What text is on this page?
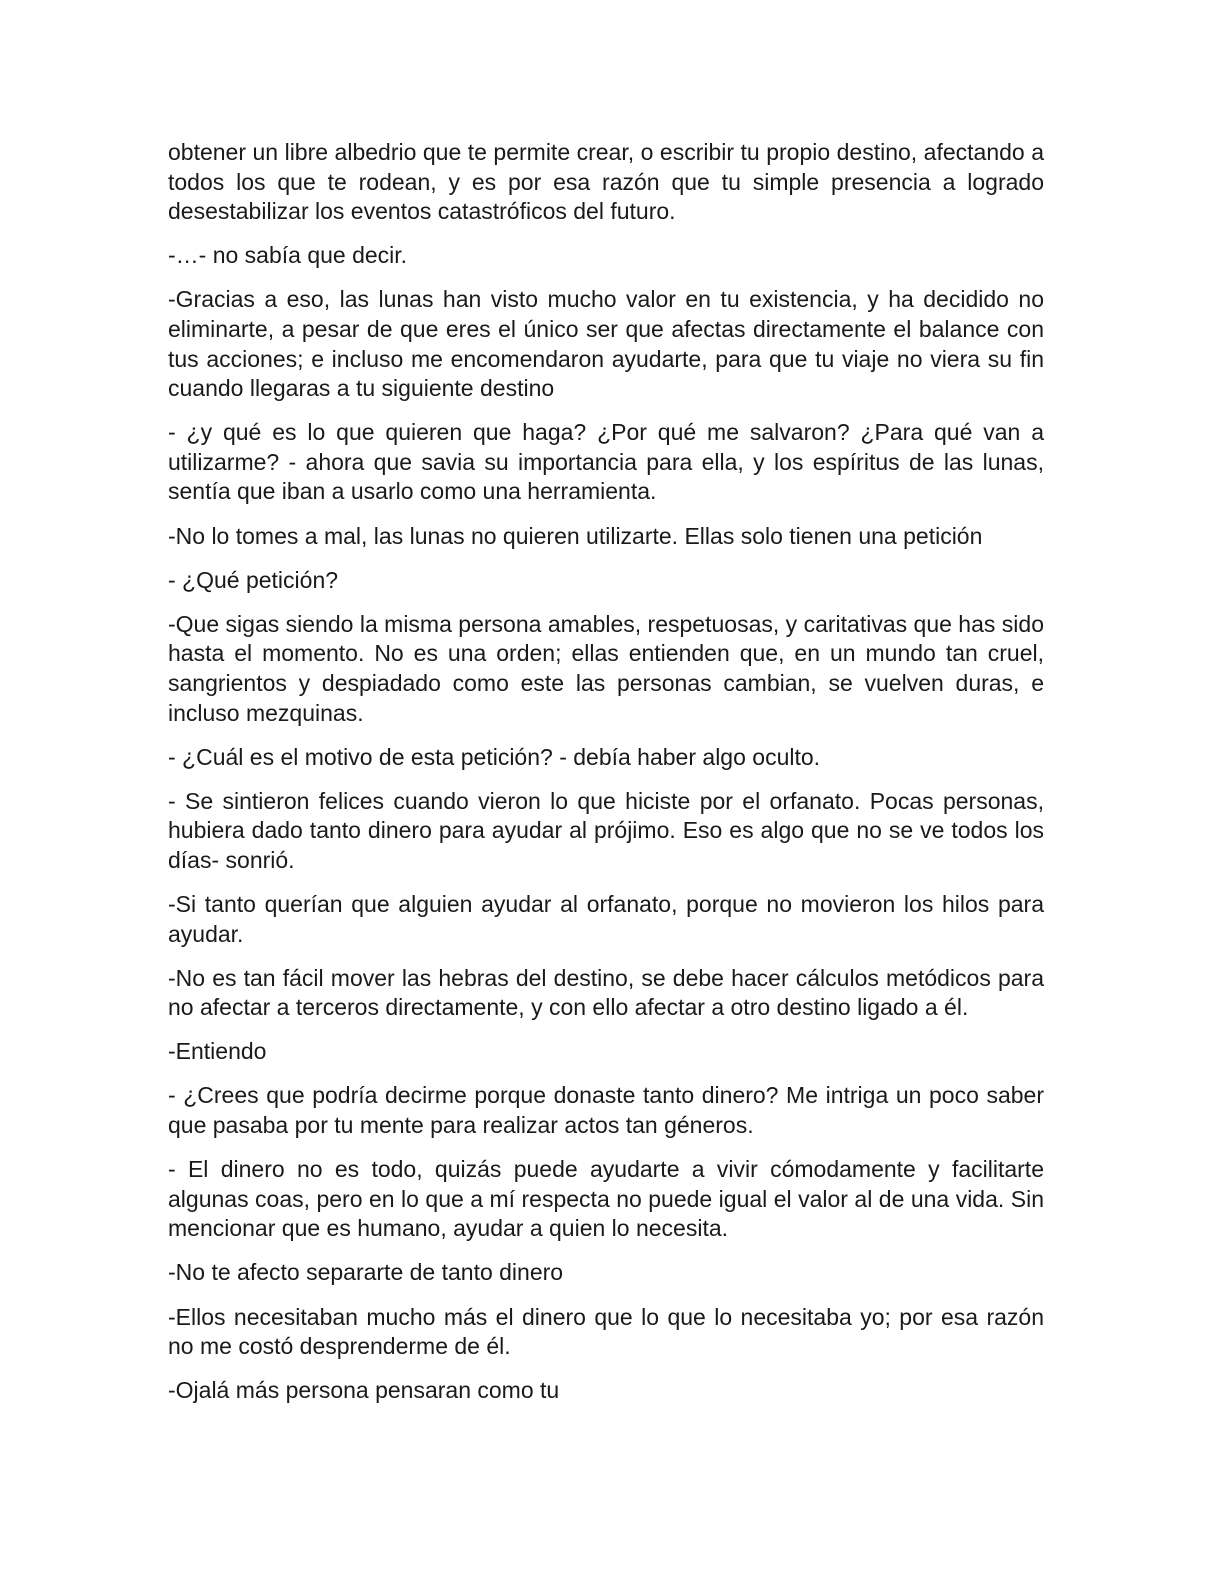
obtener un libre albedrio que te permite crear, o escribir tu propio destino, afectando a todos los que te rodean, y es por esa razón que tu simple presencia a logrado desestabilizar los eventos catastróficos del futuro.

-…- no sabía que decir.

-Gracias a eso, las lunas han visto mucho valor en tu existencia, y ha decidido no eliminarte, a pesar de que eres el único ser que afectas directamente el balance con tus acciones; e incluso me encomendaron ayudarte, para que tu viaje no viera su fin cuando llegaras a tu siguiente destino

- ¿y qué es lo que quieren que haga? ¿Por qué me salvaron? ¿Para qué van a utilizarme? - ahora que savia su importancia para ella, y los espíritus de las lunas, sentía que iban a usarlo como una herramienta.

-No lo tomes a mal, las lunas no quieren utilizarte. Ellas solo tienen una petición

- ¿Qué petición?

-Que sigas siendo la misma persona amables, respetuosas, y caritativas que has sido hasta el momento. No es una orden; ellas entienden que, en un mundo tan cruel, sangrientos y despiadado como este las personas cambian, se vuelven duras, e incluso mezquinas.

- ¿Cuál es el motivo de esta petición? - debía haber algo oculto.

- Se sintieron felices cuando vieron lo que hiciste por el orfanato. Pocas personas, hubiera dado tanto dinero para ayudar al prójimo. Eso es algo que no se ve todos los días- sonrió.

-Si tanto querían que alguien ayudar al orfanato, porque no movieron los hilos para ayudar.

-No es tan fácil mover las hebras del destino, se debe hacer cálculos metódicos para no afectar a terceros directamente, y con ello afectar a otro destino ligado a él.

-Entiendo

- ¿Crees que podría decirme porque donaste tanto dinero? Me intriga un poco saber que pasaba por tu mente para realizar actos tan géneros.

- El dinero no es todo, quizás puede ayudarte a vivir cómodamente y facilitarte algunas coas, pero en lo que a mí respecta no puede igual el valor al de una vida. Sin mencionar que es humano, ayudar a quien lo necesita.

-No te afecto separarte de tanto dinero

-Ellos necesitaban mucho más el dinero que lo que lo necesitaba yo; por esa razón no me costó desprenderme de él.

-Ojalá más persona pensaran como tu
